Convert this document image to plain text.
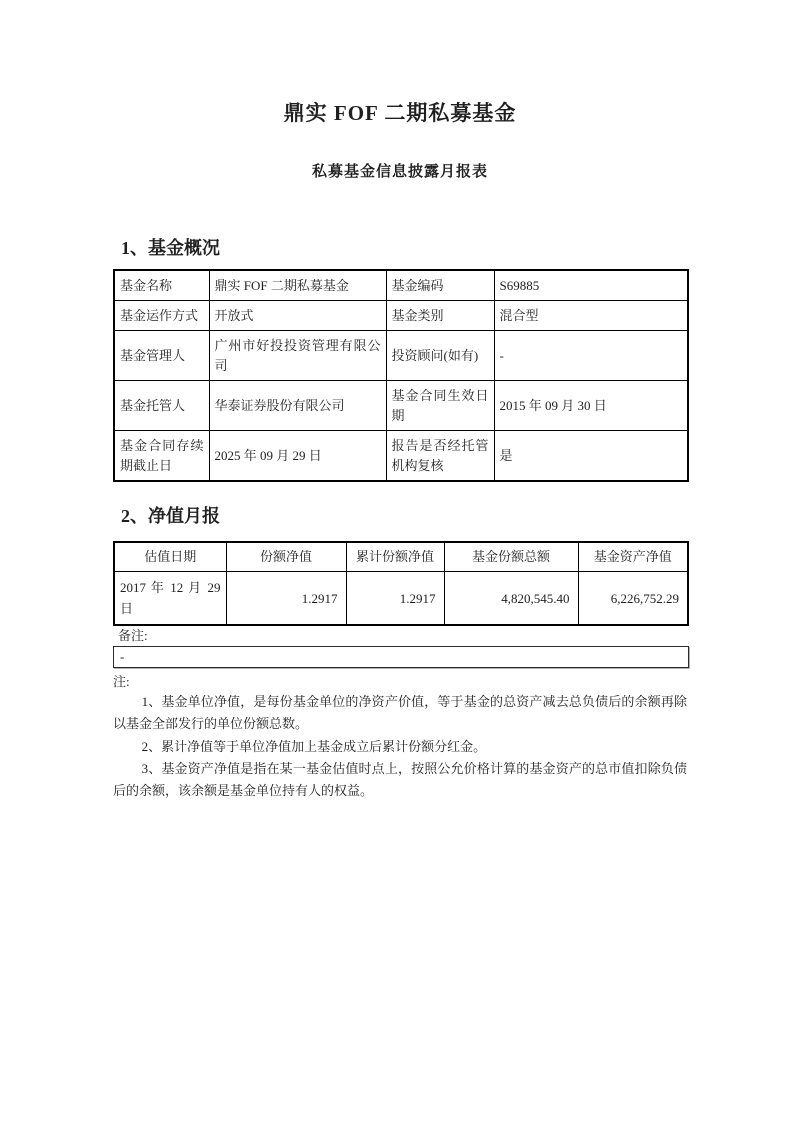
鼎实 FOF 二期私募基金
私募基金信息披露月报表
1、基金概况
基金名称	鼎实 FOF 二期私募基金	基金编码	S69885
基金运作方式	开放式	基金类别	混合型
基金管理人	广州市好投投资管理有限公司	投资顾问(如有)	-
基金托管人	华泰证券股份有限公司	基金合同生效日期	2015 年 09 月 30 日
基金合同存续期截止日	2025 年 09 月 29 日	报告是否经托管机构复核	是
2、净值月报
估值日期	份额净值	累计份额净值	基金份额总额	基金资产净值
2017 年 12 月 29 日	1.2917	1.2917	4,820,545.40	6,226,752.29
备注:
-
注:

1、基金单位净值，是每份基金单位的净资产价值，等于基金的总资产减去总负债后的余额再除以基金全部发行的单位份额总数。

2、累计净值等于单位净值加上基金成立后累计份额分红金。

3、基金资产净值是指在某一基金估值时点上，按照公允价格计算的基金资产的总市值扣除负债后的余额，该余额是基金单位持有人的权益。
